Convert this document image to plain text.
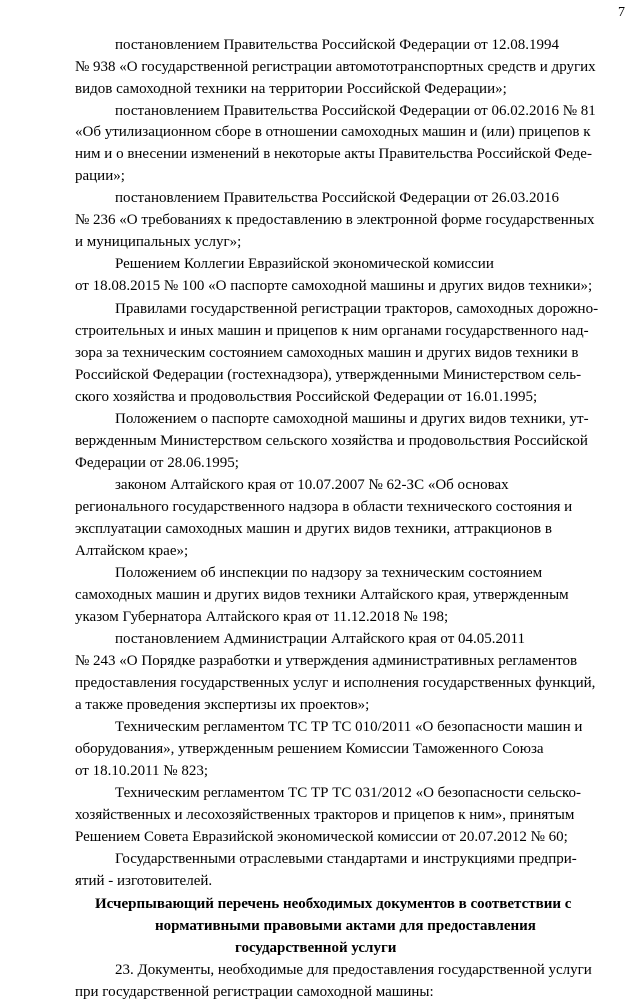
7
постановлением Правительства Российской Федерации от 12.08.1994
№ 938 «О государственной регистрации автомототранспортных средств и других
видов самоходной техники на территории Российской Федерации»;
постановлением Правительства Российской Федерации от 06.02.2016 № 81
«Об утилизационном сборе в отношении самоходных машин и (или) прицепов к
ним и о внесении изменений в некоторые акты Правительства Российской Феде-
рации»;
постановлением Правительства Российской Федерации от 26.03.2016
№ 236 «О требованиях к предоставлению в электронной форме государственных
и муниципальных услуг»;
Решением Коллегии Евразийской экономической комиссии
от 18.08.2015 № 100 «О паспорте самоходной машины и других видов техники»;
Правилами государственной регистрации тракторов, самоходных дорожно-
строительных и иных машин и прицепов к ним органами государственного над-
зора за техническим состоянием самоходных машин и других видов техники в
Российской Федерации (гостехнадзора), утвержденными Министерством сель-
ского хозяйства и продовольствия Российской Федерации от 16.01.1995;
Положением о паспорте самоходной машины и других видов техники, ут-
вержденным Министерством сельского хозяйства и продовольствия Российской
Федерации от 28.06.1995;
законом Алтайского края от 10.07.2007 № 62-ЗС «Об основах
регионального государственного надзора в области технического состояния и
эксплуатации самоходных машин и других видов техники, аттракционов в
Алтайском крае»;
Положением об инспекции по надзору за техническим состоянием
самоходных машин и других видов техники Алтайского края, утвержденным
указом Губернатора Алтайского края от 11.12.2018 № 198;
постановлением Администрации Алтайского края от 04.05.2011
№ 243 «О Порядке разработки и утверждения административных регламентов
предоставления государственных услуг и исполнения государственных функций,
а также проведения экспертизы их проектов»;
Техническим регламентом ТС ТР ТС 010/2011 «О безопасности машин и
оборудования», утвержденным решением Комиссии Таможенного Союза
от 18.10.2011 № 823;
Техническим регламентом ТС ТР ТС 031/2012 «О безопасности сельско-
хозяйственных и лесохозяйственных тракторов и прицепов к ним», принятым
Решением Совета Евразийской экономической комиссии от 20.07.2012 № 60;
Государственными отраслевыми стандартами и инструкциями предпри-
ятий - изготовителей.
Исчерпывающий перечень необходимых документов в соответствии с
нормативными правовыми актами для предоставления
государственной услуги
23. Документы, необходимые для предоставления государственной услуги
при государственной регистрации самоходной машины:
